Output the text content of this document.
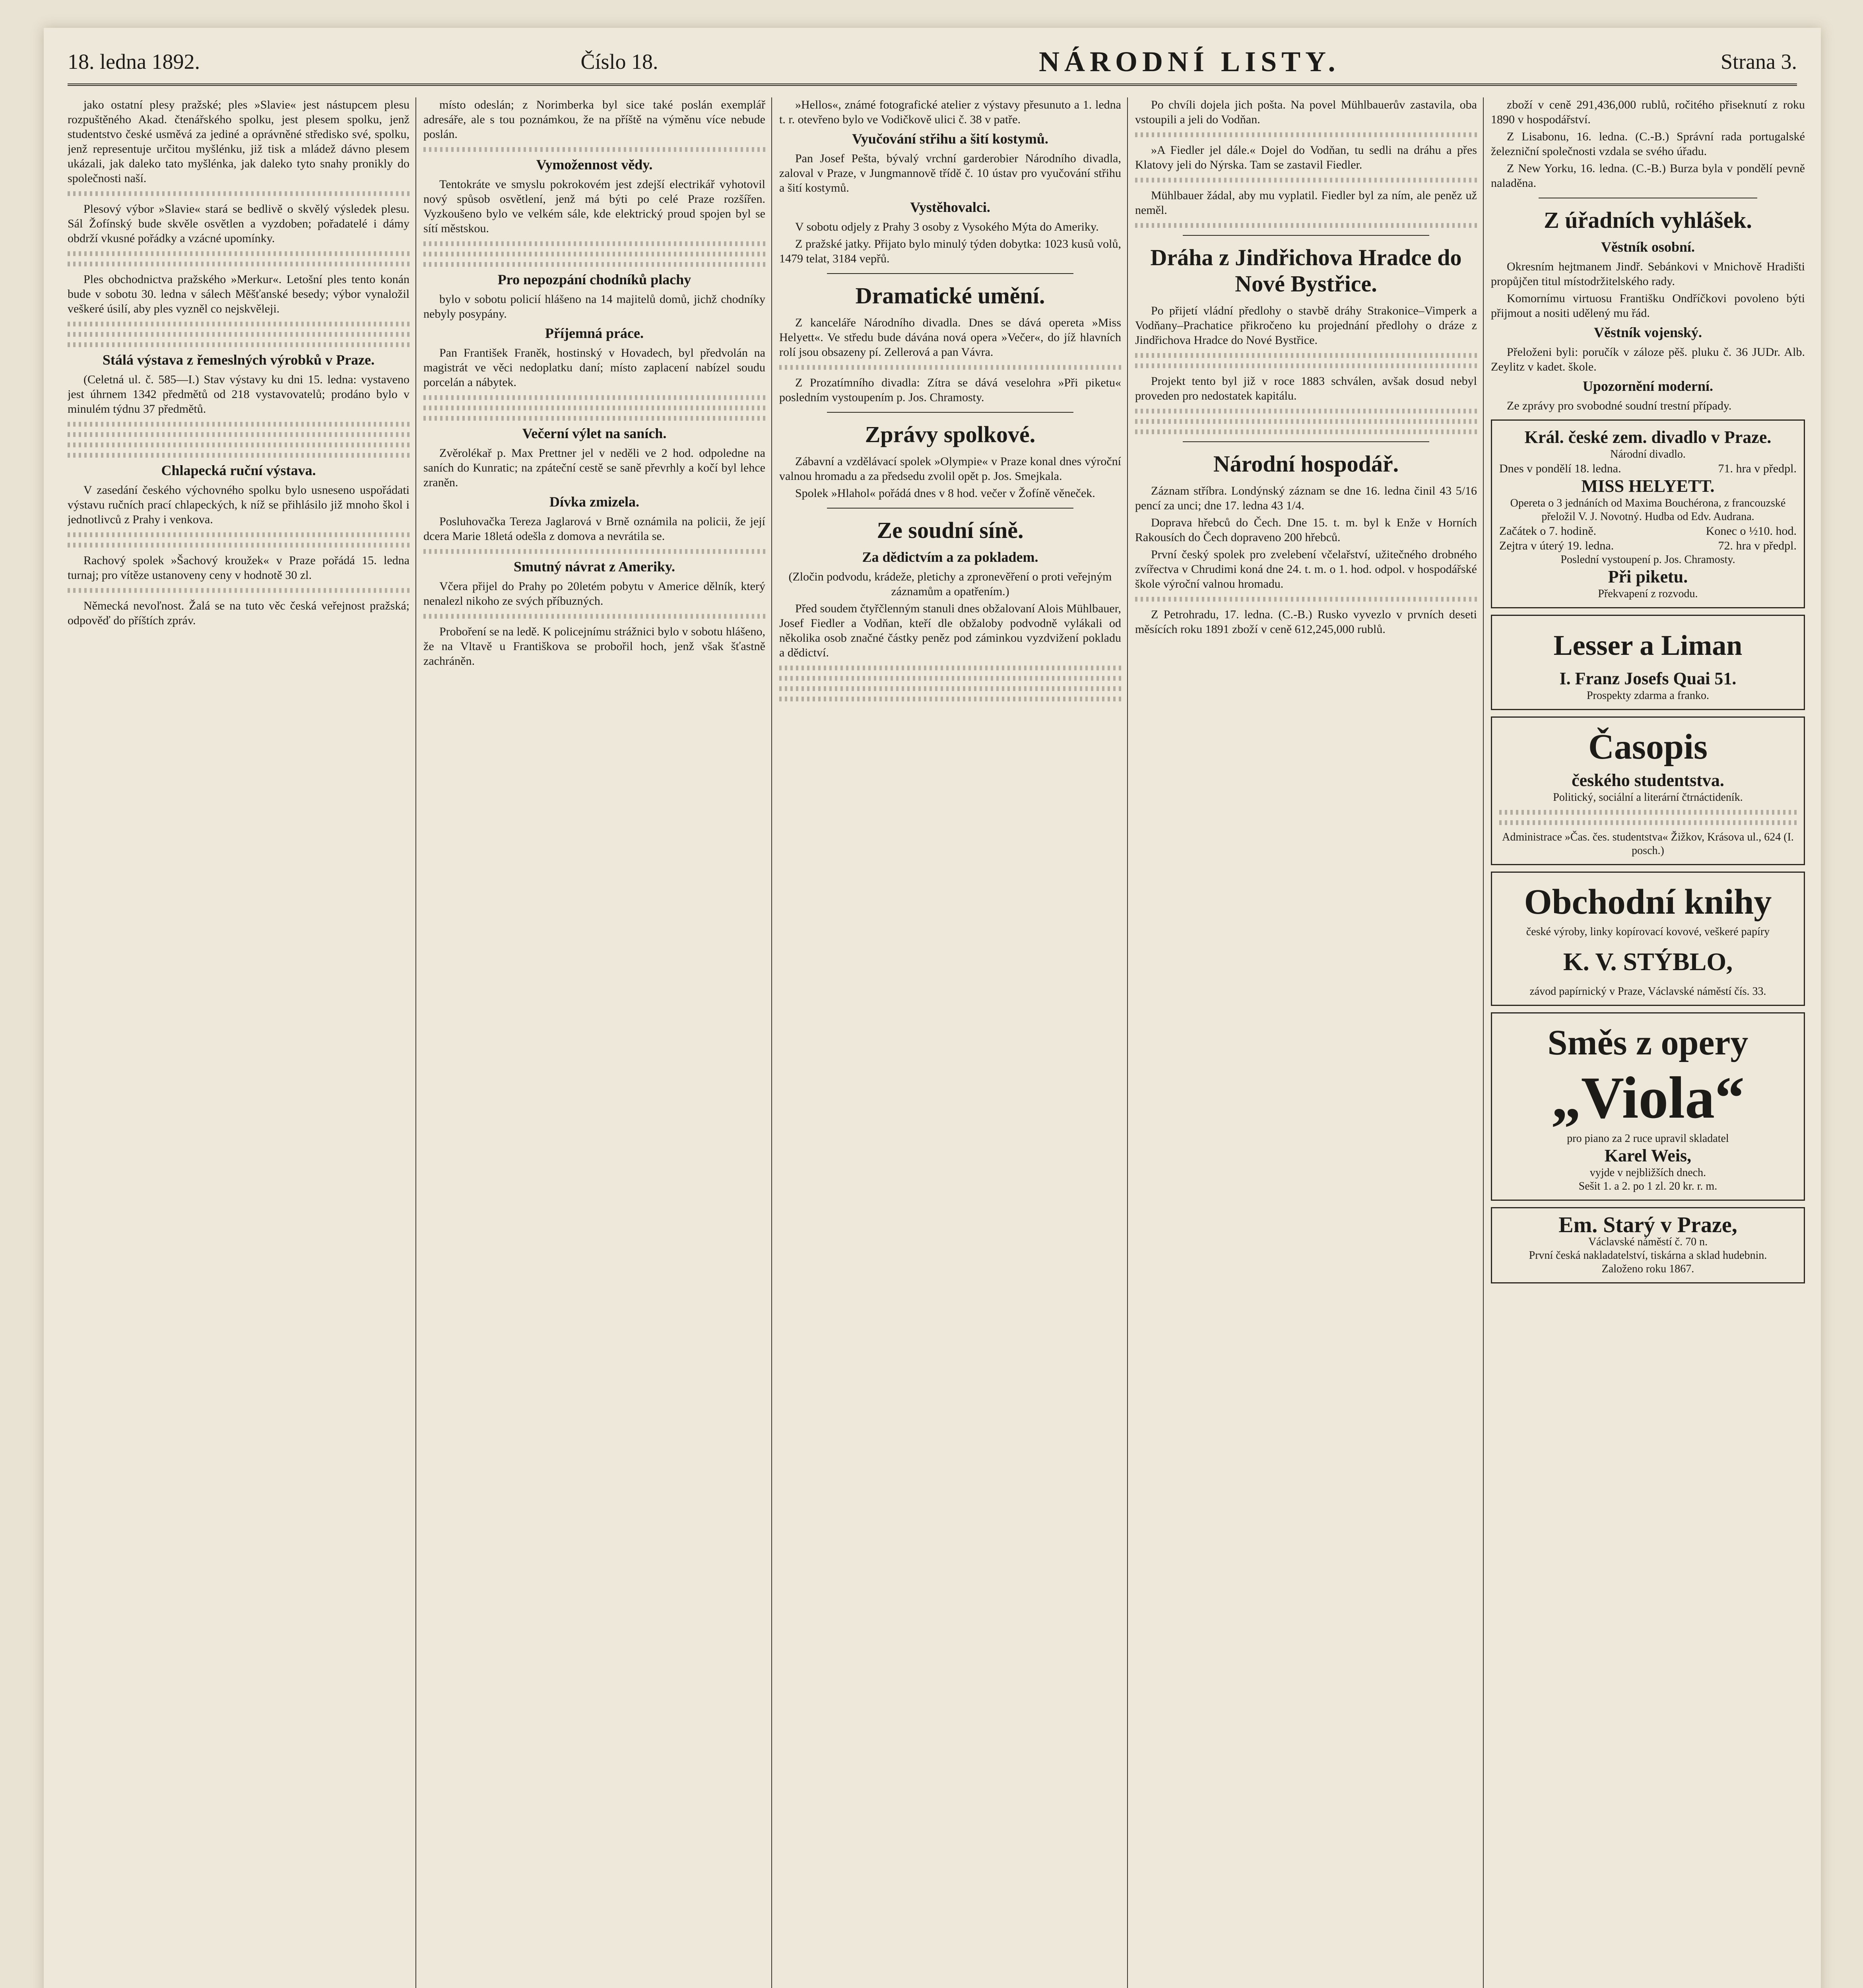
18. ledna 1892.	Číslo 18.	NÁRODNÍ LISTY.	Strana 3.

jako ostatní plesy pražské; ples »Slavie« jest nástupcem plesu rozpuštěného Akad. čtenářského spolku, jest plesem spolku, jenž studentstvo české usměvá za jediné a oprávněné středisko své, spolku, jenž representuje určitou myšlénku, již tisk a mládež dávno plesem ukázali, jak daleko tato myšlénka, jak daleko tyto snahy pronikly do společnosti naší.

Plesový výbor »Slavie« stará se bedlivě o skvělý výsledek plesu. Sál Žofínský bude skvěle osvětlen a vyzdoben; pořadatelé i dámy obdrží vkusné pořádky a vzácné upomínky.

Ples obchodnictva pražského »Merkur«. Letošní ples tento konán bude v sobotu 30. ledna v sálech Měšťanské besedy; výbor vynaložil veškeré úsilí, aby ples vyzněl co nejskvěleji.

Stálá výstava z řemeslných výrobků v Praze.

(Celetná ul. č. 585—I.) Stav výstavy ku dni 15. ledna: vystaveno jest úhrnem 1342 předmětů od 218 vystavovatelů; prodáno bylo v minulém týdnu 37 předmětů.

Chlapecká ruční výstava.

V zasedání českého výchovného spolku bylo usneseno uspořádati výstavu ručních prací chlapeckých, k níž se přihlásilo již mnoho škol i jednotlivců z Prahy i venkova.

Rachový spolek »Šachový kroužek« v Praze pořádá 15. ledna turnaj; pro vítěze ustanoveny ceny v hodnotě 30 zl.

Německá nevoľnost. Žalá se na tuto věc česká veřejnost pražská; odpověď do příštích zpráv.

místo odeslán; z Norimberka byl sice také poslán exemplář adresáře, ale s tou poznámkou, že na příště na výměnu více nebude poslán.

Vymožennost vědy.

Tentokráte ve smyslu pokrokovém jest zdejší electrikář vyhotovil nový spůsob osvětlení, jenž má býti po celé Praze rozšířen. Vyzkoušeno bylo ve velkém sále, kde elektrický proud spojen byl se sítí městskou.

Pro nepozpání chodníků plachy

bylo v sobotu policií hlášeno na 14 majitelů domů, jichž chodníky nebyly posypány.

Příjemná práce.

Pan František Franěk, hostinský v Hovadech, byl předvolán na magistrát ve věci nedoplatku daní; místo zaplacení nabízel soudu porcelán a nábytek.

Večerní výlet na saních.

Zvěrolékař p. Max Prettner jel v neděli ve 2 hod. odpoledne na saních do Kunratic; na zpáteční cestě se saně převrhly a kočí byl lehce zraněn.

Dívka zmizela.

Posluhovačka Tereza Jaglarová v Brně oznámila na policii, že její dcera Marie 18letá odešla z domova a nevrátila se.

Smutný návrat z Ameriky.

Včera přijel do Prahy po 20letém pobytu v Americe dělník, který nenalezl nikoho ze svých příbuzných.

Proboření se na ledě. K policejnímu strážnici bylo v sobotu hlášeno, že na Vltavě u Františkova se probořil hoch, jenž však šťastně zachráněn.

»Hellos«, známé fotografické atelier z výstavy přesunuto a 1. ledna t. r. otevřeno bylo ve Vodičkově ulici č. 38 v patře.

Vyučování střihu a šití kostymů.

Pan Josef Pešta, bývalý vrchní garderobier Národního divadla, zaloval v Praze, v Jungmannově třídě č. 10 ústav pro vyučování střihu a šití kostymů.

Vystěhovalci.

V sobotu odjely z Prahy 3 osoby z Vysokého Mýta do Ameriky.

Z pražské jatky. Přijato bylo minulý týden dobytka: 1023 kusů volů, 1479 telat, 3184 vepřů.

Dramatické umění.

Z kanceláře Národního divadla. Dnes se dává opereta »Miss Helyett«. Ve středu bude dávána nová opera »Večer«, do jíž hlavních rolí jsou obsazeny pí. Zellerová a pan Vávra.

Z Prozatímního divadla: Zítra se dává veselohra »Při piketu« posledním vystoupením p. Jos. Chramosty.

Zprávy spolkové.

Zábavní a vzdělávací spolek »Olympie« v Praze konal dnes výroční valnou hromadu a za předsedu zvolil opět p. Jos. Smejkala.

Spolek »Hlahol« pořádá dnes v 8 hod. večer v Žofíně věneček.

Ze soudní síně.

Za dědictvím a za pokladem.

(Zločin podvodu, krádeže, pletichy a zpronevěření o proti veřejným záznamům a opatřením.)

Před soudem čtyřčlenným stanuli dnes obžalovaní Alois Mühlbauer, Josef Fiedler a Vodňan, kteří dle obžaloby podvodně vylákali od několika osob značné částky peněz pod záminkou vyzdvižení pokladu a dědictví.

Po chvíli dojela jich pošta. Na povel Mühlbauerův zastavila, oba vstoupili a jeli do Vodňan.

»A Fiedler jel dále.« Dojel do Vodňan, tu sedli na dráhu a přes Klatovy jeli do Nýrska. Tam se zastavil Fiedler.

Mühlbauer žádal, aby mu vyplatil. Fiedler byl za ním, ale peněz už neměl.

Dráha z Jindřichova Hradce do Nové Bystřice.

Po přijetí vládní předlohy o stavbě dráhy Strakonice–Vimperk a Vodňany–Prachatice přikročeno ku projednání předlohy o dráze z Jindřichova Hradce do Nové Bystřice.

Projekt tento byl již v roce 1883 schválen, avšak dosud nebyl proveden pro nedostatek kapitálu.

Národní hospodář.

Záznam stříbra. Londýnský záznam se dne 16. ledna činil 43 5/16 pencí za unci; dne 17. ledna 43 1/4.

Doprava hřebců do Čech. Dne 15. t. m. byl k Enže v Horních Rakousích do Čech dopraveno 200 hřebců.

První český spolek pro zvelebení včelařství, užitečného drobného zvířectva v Chrudimi koná dne 24. t. m. o 1. hod. odpol. v hospodářské škole výroční valnou hromadu.

Z Petrohradu, 17. ledna. (C.-B.) Rusko vyvezlo v prvních deseti měsících roku 1891 zboží v ceně 612,245,000 rublů.

zboží v ceně 291,436,000 rublů, ročitého přiseknutí z roku 1890 v hospodářství.

Z Lisabonu, 16. ledna. (C.-B.) Správní rada portugalské železniční společnosti vzdala se svého úřadu.

Z New Yorku, 16. ledna. (C.-B.) Burza byla v pondělí pevně naladěna.

Z úřadních vyhlášek.

Věstník osobní.

Okresním hejtmanem Jindř. Sebánkovi v Mnichově Hradišti propůjčen titul místodržitelského rady.

Komornímu virtuosu Františku Ondříčkovi povoleno býti přijmout a nositi udělený mu řád.

Věstník vojenský.

Přeloženi byli: poručík v záloze pěš. pluku č. 36 JUDr. Alb. Zeylitz v kadet. škole.

Upozornění moderní.

Ze zprávy pro svobodné soudní trestní případy.

Král. české zem. divadlo v Praze.
Národní divadlo.
Dnes v pondělí 18. ledna.	71. hra v předpl.
MISS HELYETT.
Opereta o 3 jednáních od Maxima Bouchérona, z francouzské přeložil V. J. Novotný. Hudba od Edv. Audrana.
Začátek o 7. hodině.	Konec o ½10. hod.
Zejtra v úterý 19. ledna.	72. hra v předpl.
Poslední vystoupení p. Jos. Chramosty.
Při piketu.
Překvapení z rozvodu.
Lesser a Liman
I. Franz Josefs Quai 51.
Prospekty zdarma a franko.
Časopis
českého studentstva.
Politický, sociální a literární čtrnáctideník.
Administrace »Čas. čes. studentstva« Žižkov, Krásova ul., 624 (I. posch.)
Obchodní knihy
české výroby, linky kopírovací kovové, veškeré papíry
K. V. STÝBLO,
závod papírnický v Praze, Václavské náměstí čís. 33.
Směs z opery
„Viola“
pro piano za 2 ruce upravil skladatel
Karel Weis,
vyjde v nejbližších dnech.
Sešit 1. a 2. po 1 zl. 20 kr. r. m.
Em. Starý v Praze,
Václavské náměstí č. 70 n.
První česká nakladatelství, tiskárna a sklad hudebnin.
Založeno roku 1867.
